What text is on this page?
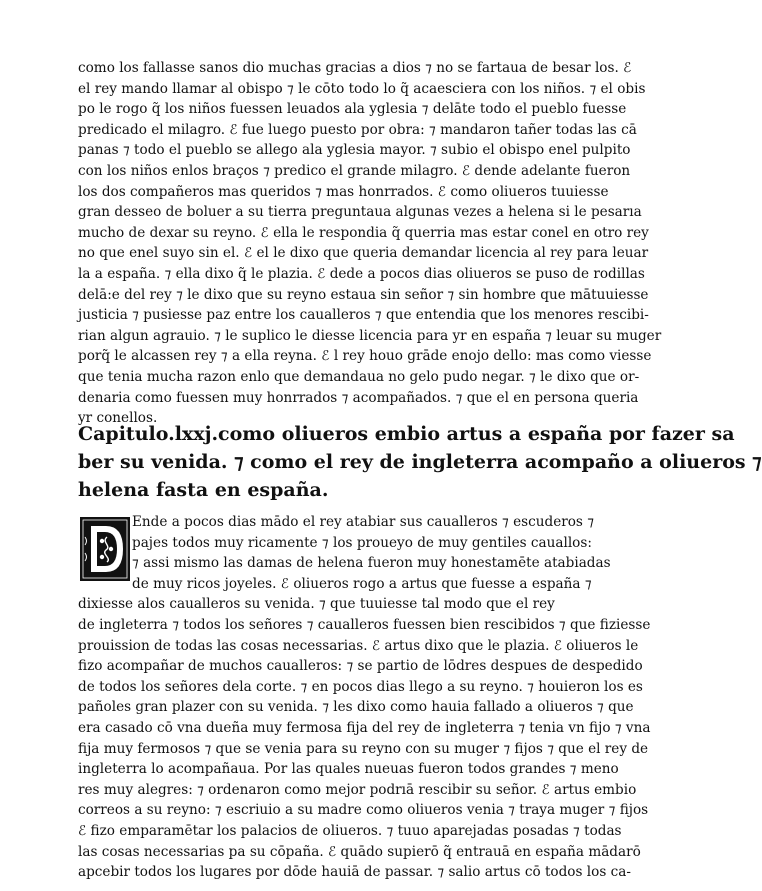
como los fallasse sanos dio muchas gracias a dios ⁊ no se fartaua de besar los. ℰ
el rey mando llamar al obispo ⁊ le cōto todo lo q̃ acaesciera con los niños. ⁊ el obis
po le rogo q̃ los niños fuessen leuados ala yglesia ⁊ delāte todo el pueblo fuesse
predicado el milagro. ℰ fue luego puesto por obra: ⁊ mandaron tañer todas las cā
panas ⁊ todo el pueblo se allego ala yglesia mayor. ⁊ subio el obispo enel pulpito
con los niños enlos braços ⁊ predico el grande milagro. ℰ dende adelante fueron
los dos compañeros mas queridos ⁊ mas honrrados. ℰ como oliueros tuuiesse
gran desseo de boluer a su tierra preguntaua algunas vezes a helena si le pesarıa
mucho de dexar su reyno. ℰ ella le respondia q̃ querria mas estar conel en otro rey
no que enel suyo sin el. ℰ el le dixo que queria demandar licencia al rey para leuar
la a españa. ⁊ ella dixo q̃ le plazia. ℰ dede a pocos dias oliueros se puso de rodillas
delā:e del rey ⁊ le dixo que su reyno estaua sin señor ⁊ sin hombre que mātuuiesse
justicia ⁊ pusiesse paz entre los caualleros ⁊ que entendia que los menores rescibi-
rian algun agrauio. ⁊ le suplico le diesse licencia para yr en españa ⁊ leuar su muger
porq̃ le alcassen rey ⁊ a ella reyna. ℰ l rey houo grāde enojo dello: mas como viesse
que tenia mucha razon enlo que demandaua no gelo pudo negar. ⁊ le dixo que or-
denaria como fuessen muy honrrados ⁊ acompañados. ⁊ que el en persona queria
yr conellos.
Capitulo.lxxj.como oliueros embio artus a españa por fazer sa
ber su venida. ⁊ como el rey de ingleterra acompaño a oliueros ⁊
helena fasta en españa.
D
Ende a pocos dias mādo el rey atabiar sus caualleros ⁊ escuderos ⁊
pajes todos muy ricamente ⁊ los proueyo de muy gentiles cauallos:
⁊ assi mismo las damas de helena fueron muy honestamēte atabiadas
de muy ricos joyeles. ℰ oliueros rogo a artus que fuesse a españa ⁊
dixiesse alos caualleros su venida. ⁊ que tuuiesse tal modo que el rey
de ingleterra ⁊ todos los señores ⁊ caualleros fuessen bien rescibidos ⁊ que fiziesse
prouission de todas las cosas necessarias. ℰ artus dixo que le plazia. ℰ oliueros le
fizo acompañar de muchos caualleros: ⁊ se partio de lōdres despues de despedido
de todos los señores dela corte. ⁊ en pocos dias llego a su reyno. ⁊ houieron los es
pañoles gran plazer con su venida. ⁊ les dixo como hauia fallado a oliueros ⁊ que
era casado cō vna dueña muy fermosa fija del rey de ingleterra ⁊ tenia vn fijo ⁊ vna
fija muy fermosos ⁊ que se venia para su reyno con su muger ⁊ fijos ⁊ que el rey de
ingleterra lo acompañaua. Por las quales nueuas fueron todos grandes ⁊ meno
res muy alegres: ⁊ ordenaron como mejor podrıā rescibir su señor. ℰ artus embio
correos a su reyno: ⁊ escriuio a su madre como oliueros venia ⁊ traya muger ⁊ fijos
ℰ fizo emparamētar los palacios de oliueros. ⁊ tuuo aparejadas posadas ⁊ todas
las cosas necessarias pa su cōpaña. ℰ quādo supierō q̃ entrauā en españa mādarō
apcebir todos los lugares por dōde hauiā de passar. ⁊ salio artus cō todos los ca-
